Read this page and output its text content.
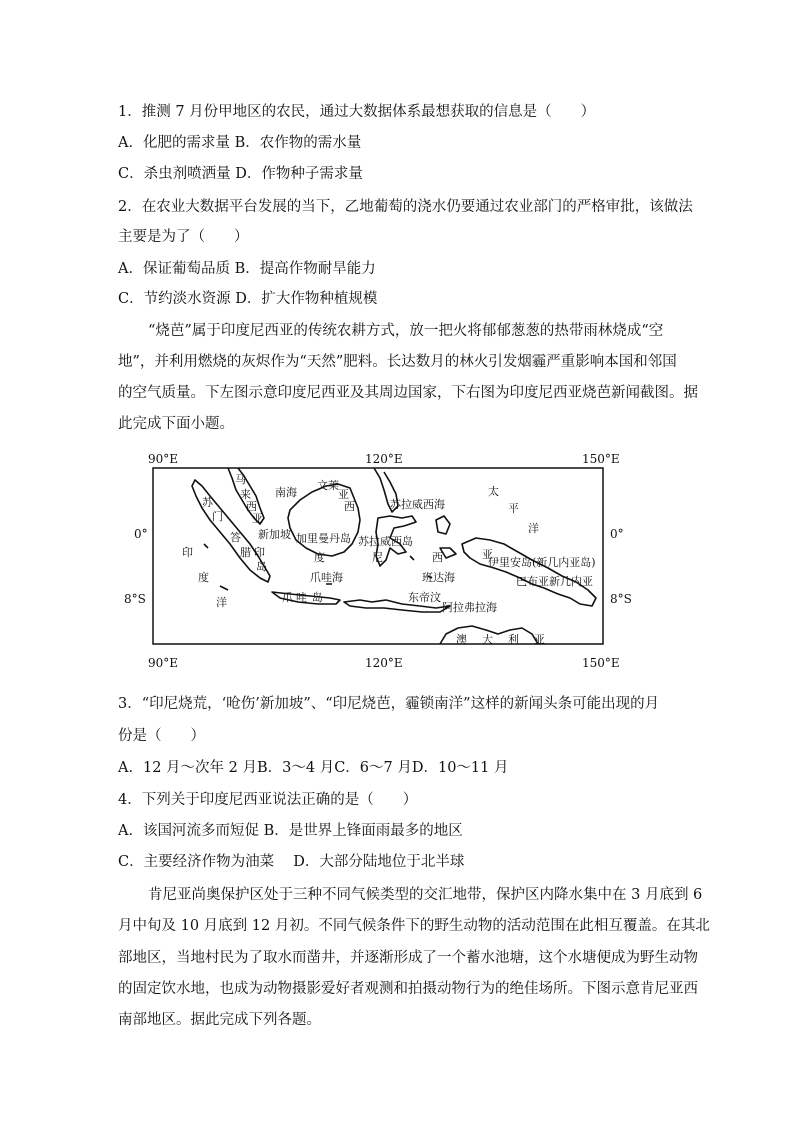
1．推测 7 月份甲地区的农民，通过大数据体系最想获取的信息是（　　）
A．化肥的需求量 B．农作物的需水量
C．杀虫剂喷洒量 D．作物种子需求量
2．在农业大数据平台发展的当下，乙地葡萄的浇水仍要通过农业部门的严格审批，该做法
主要是为了（　　）
A．保证葡萄品质 B．提高作物耐旱能力
C．节约淡水资源 D．扩大作物种植规模
“烧芭”属于印度尼西亚的传统农耕方式，放一把火将郁郁葱葱的热带雨林烧成“空
地”，并利用燃烧的灰烬作为“天然”肥料。长达数月的林火引发烟霾严重影响本国和邻国
的空气质量。下左图示意印度尼西亚及其周边国家，下右图为印度尼西亚烧芭新闻截图。据
此完成下面小题。
90°E	120°E	150°E
90°E	120°E	150°E
0°
8°S
0°
8°S
南海
文莱
马
来
西
亚
苏
门
答
腊
新加坡 加里曼丹岛
印	度	尼	西	亚
岛
爪哇海
爪 哇 岛
印
度
洋
亚
西	苏拉威西海
苏拉威西岛
班达海
东帝汶
阿拉弗拉海
太
平
洋
伊里安岛(新几内亚岛)
巴布亚新几内亚
澳 大 利 亚
3．“印尼烧荒，‘呛伤’新加坡”、“印尼烧芭，霾锁南洋”这样的新闻头条可能出现的月
份是（　　）
A．12 月～次年 2 月B．3～4 月C．6～7 月D．10～11 月
4．下列关于印度尼西亚说法正确的是（　　）
A．该国河流多而短促 B．是世界上锋面雨最多的地区
C．主要经济作物为油菜　 D．大部分陆地位于北半球
肯尼亚尚奥保护区处于三种不同气候类型的交汇地带，保护区内降水集中在 3 月底到 6
月中旬及 10 月底到 12 月初。不同气候条件下的野生动物的活动范围在此相互覆盖。在其北
部地区，当地村民为了取水而凿井，并逐渐形成了一个蓄水池塘，这个水塘便成为野生动物
的固定饮水地，也成为动物摄影爱好者观测和拍摄动物行为的绝佳场所。下图示意肯尼亚西
南部地区。据此完成下列各题。
